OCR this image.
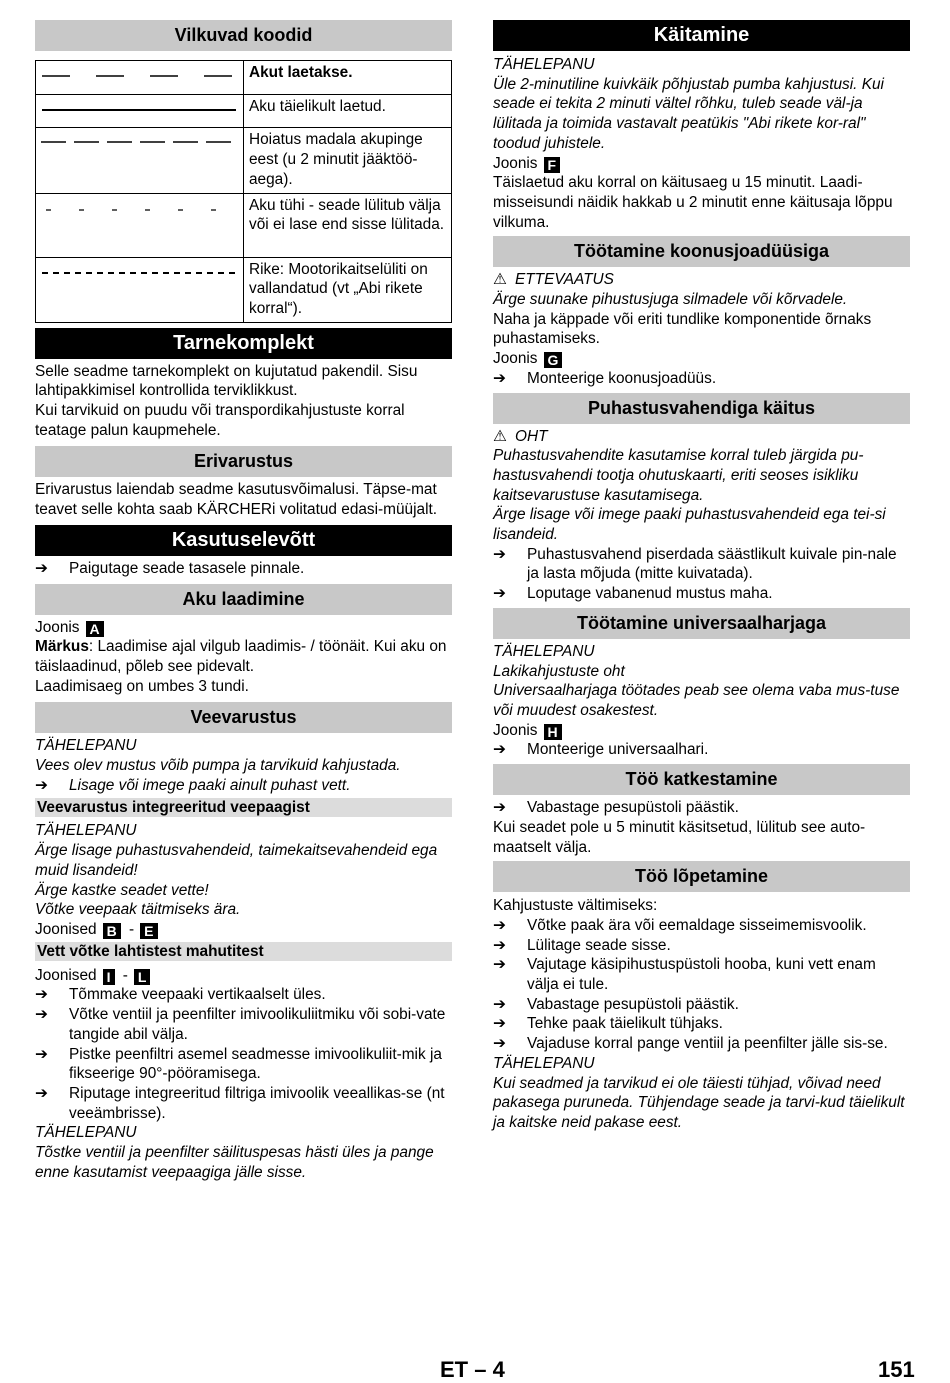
Vilkuvad koodid
	Akut laetakse.
	Aku täielikult laetud.

	Hoiatus madala akupinge eest (u 2 minutit jääktöö-aega).

	Aku tühi - seade lülitub välja või ei lase end sisse lülitada.

	Rike: Mootorikaitselüliti on vallandatud (vt „Abi rikete korral“).
Tarnekomplekt

Selle seadme tarnekomplekt on kujutatud pakendil. Sisu lahtipakkimisel kontrollida terviklikkust.

Kui tarvikuid on puudu või transpordikahjustuste korral teatage palun kaupmehele.

Erivarustus

Erivarustus laiendab seadme kasutusvõimalusi. Täpse-mat teavet selle kohta saab KÄRCHERi volitatud edasi-müüjalt.

Kasutuselevõtt
➔ Paigutage seade tasasele pinnale.
Aku laadimine

Joonis A

Märkus: Laadimise ajal vilgub laadimis- / töönäit. Kui aku on täislaadinud, põleb see pidevalt.

Laadimisaeg on umbes 3 tundi.

Veevarustus

TÄHELEPANU

Vees olev mustus võib pumpa ja tarvikuid kahjustada.

➔ Lisage või imege paaki ainult puhast vett.
Veevarustus integreeritud veepaagist

TÄHELEPANU

Ärge lisage puhastusvahendeid, taimekaitsevahendeid ega muid lisandeid!

Ärge kastke seadet vette!

Võtke veepaak täitmiseks ära.

Joonised B - E

Vett võtke lahtistest mahutitest

Joonised I - L

➔ Tõmmake veepaaki vertikaalselt üles.
➔ Võtke ventiil ja peenfilter imivoolikuliitmiku või sobi-vate tangide abil välja.
➔ Pistke peenfiltri asemel seadmesse imivoolikuliit-mik ja fikseerige 90°-pööramisega.
➔ Riputage integreeritud filtriga imivoolik veeallikas-se (nt veeämbrisse).

TÄHELEPANU

Tõstke ventiil ja peenfilter säilituspesas hästi üles ja pange enne kasutamist veepaagiga jälle sisse.

Käitamine

TÄHELEPANU

Üle 2-minutiline kuivkäik põhjustab pumba kahjustusi. Kui seade ei tekita 2 minuti vältel rõhku, tuleb seade väl-ja lülitada ja toimida vastavalt peatükis "Abi rikete kor-ral" toodud juhistele.

Joonis F

Täislaetud aku korral on käitusaeg u 15 minutit. Laadi-misseisundi näidik hakkab u 2 minutit enne käitusaja lõppu vilkuma.

Töötamine koonusjoadüüsiga

⚠ ETTEVAATUS

Ärge suunake pihustusjuga silmadele või kõrvadele.

Naha ja käppade või eriti tundlike komponentide õrnaks puhastamiseks.

Joonis G

➔ Monteerige koonusjoadüüs.
Puhastusvahendiga käitus

⚠ OHT

Puhastusvahendite kasutamise korral tuleb järgida pu-hastusvahendi tootja ohutuskaarti, eriti seoses isikliku kaitsevarustuse kasutamisega.

Ärge lisage või imege paaki puhastusvahendeid ega tei-si lisandeid.

➔ Puhastusvahend piserdada säästlikult kuivale pin-nale ja lasta mõjuda (mitte kuivatada).
➔ Loputage vabanenud mustus maha.
Töötamine universaalharjaga

TÄHELEPANU

Lakikahjustuste oht

Universaalharjaga töötades peab see olema vaba mus-tuse või muudest osakestest.

Joonis H

➔ Monteerige universaalhari.
Töö katkestamine
➔ Vabastage pesupüstoli päästik.

Kui seadet pole u 5 minutit käsitsetud, lülitub see auto-maatselt välja.

Töö lõpetamine

Kahjustuste vältimiseks:

➔ Võtke paak ära või eemaldage sisseimemisvoolik.
➔ Lülitage seade sisse.
➔ Vajutage käsipihustuspüstoli hooba, kuni vett enam välja ei tule.
➔ Vabastage pesupüstoli päästik.
➔ Tehke paak täielikult tühjaks.
➔ Vajaduse korral pange ventiil ja peenfilter jälle sis-se.

TÄHELEPANU

Kui seadmed ja tarvikud ei ole täiesti tühjad, võivad need pakasega puruneda. Tühjendage seade ja tarvi-kud täielikult ja kaitske neid pakase eest.

ET – 4	151
